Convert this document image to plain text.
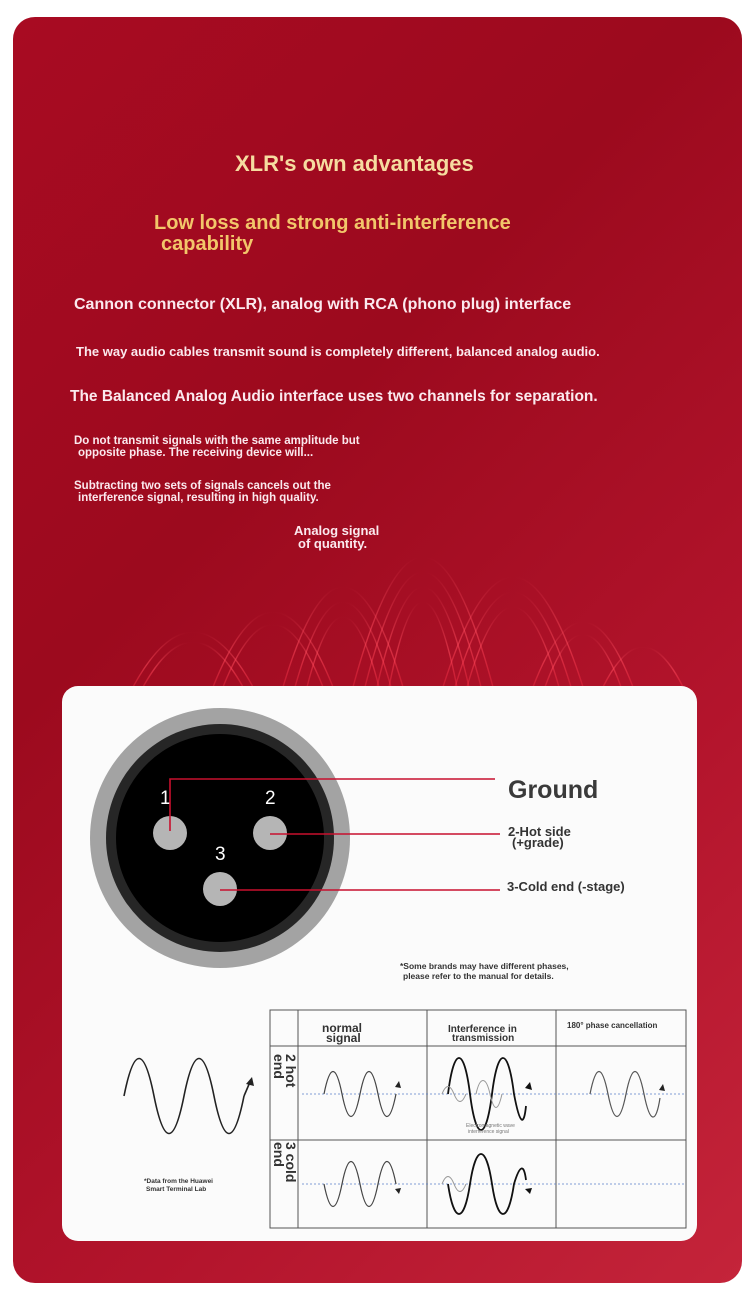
XLR's own advantages
Low loss and strong anti-interference
capability

Cannon connector (XLR), analog with RCA (phono plug) interface

The way audio cables transmit sound is completely different, balanced analog audio.

The Balanced Analog Audio interface uses two channels for separation.

Do not transmit signals with the same amplitude but
opposite phase. The receiving device will...

Subtracting two sets of signals cancels out the
interference signal, resulting in high quality.

Analog signal
of quantity.

1	2
3
Ground
2-Hot side
(+grade)
3-Cold end (-stage)
*Some brands may have different phases,
please refer to the manual for details.
*Data from the Huawei
Smart Terminal Lab
normal
signal
Interference in
transmission
180° phase cancellation
2 hot
end
3 cold
end
Electromagnetic wave
interference signal
